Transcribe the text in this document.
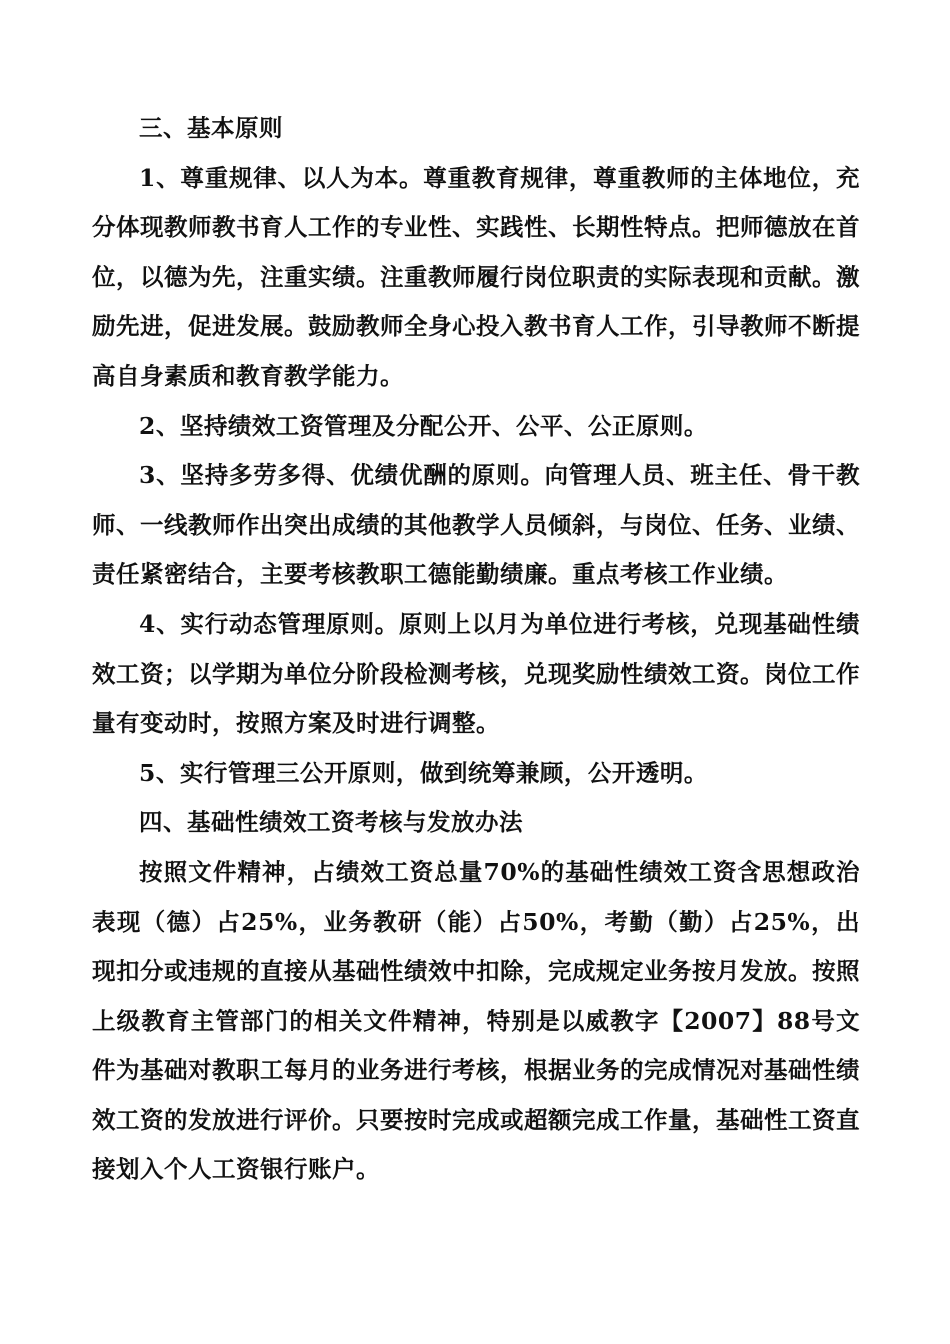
三、基本原则

1、尊重规律、以人为本。尊重教育规律，尊重教师的主体地位，充分体现教师教书育人工作的专业性、实践性、长期性特点。把师德放在首位，以德为先，注重实绩。注重教师履行岗位职责的实际表现和贡献。激励先进，促进发展。鼓励教师全身心投入教书育人工作，引导教师不断提高自身素质和教育教学能力。

2、坚持绩效工资管理及分配公开、公平、公正原则。

3、坚持多劳多得、优绩优酬的原则。向管理人员、班主任、骨干教师、一线教师作出突出成绩的其他教学人员倾斜，与岗位、任务、业绩、责任紧密结合，主要考核教职工德能勤绩廉。重点考核工作业绩。

4、实行动态管理原则。原则上以月为单位进行考核，兑现基础性绩效工资；以学期为单位分阶段检测考核，兑现奖励性绩效工资。岗位工作量有变动时，按照方案及时进行调整。

5、实行管理三公开原则，做到统筹兼顾，公开透明。

四、基础性绩效工资考核与发放办法

按照文件精神，占绩效工资总量70%的基础性绩效工资含思想政治表现（德）占25%，业务教研（能）占50%，考勤（勤）占25%，出现扣分或违规的直接从基础性绩效中扣除，完成规定业务按月发放。按照上级教育主管部门的相关文件精神，特别是以威教字【2007】88号文件为基础对教职工每月的业务进行考核，根据业务的完成情况对基础性绩效工资的发放进行评价。只要按时完成或超额完成工作量，基础性工资直接划入个人工资银行账户。
